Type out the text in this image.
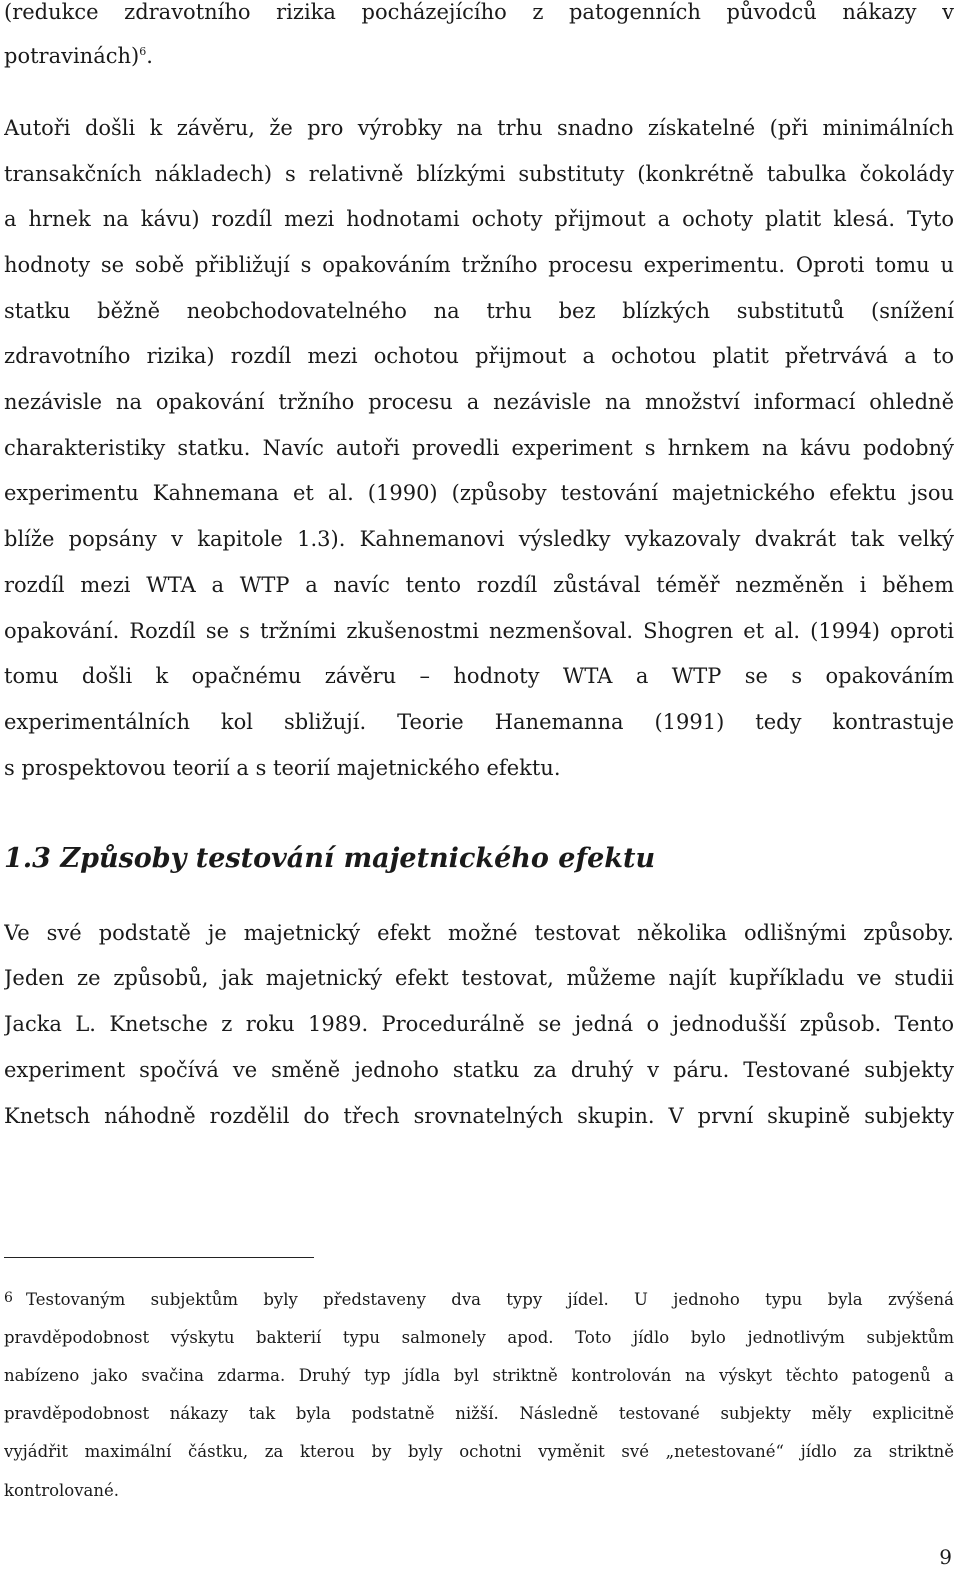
(redukce zdravotního rizika pocházejícího z patogenních původců nákazy v
potravinách)$^6$.
Autoři došli k závěru, že pro výrobky na trhu snadno získatelné (při minimálních
transakčních nákladech) s relativně blízkými substituty (konkrétně tabulka čokolády
a hrnek na kávu) rozdíl mezi hodnotami ochoty přijmout a ochoty platit klesá. Tyto
hodnoty se sobě přibližují s opakováním tržního procesu experimentu. Oproti tomu u
statku běžně neobchodovatelného na trhu bez blízkých substitutů (snížení
zdravotního rizika) rozdíl mezi ochotou přijmout a ochotou platit přetrvává a to
nezávisle na opakování tržního procesu a nezávisle na množství informací ohledně
charakteristiky statku. Navíc autoři provedli experiment s hrnkem na kávu podobný
experimentu Kahnemana et al. (1990) (způsoby testování majetnického efektu jsou
blíže popsány v kapitole 1.3). Kahnemanovi výsledky vykazovaly dvakrát tak velký
rozdíl mezi WTA a WTP a navíc tento rozdíl zůstával téměř nezměněn i během
opakování. Rozdíl se s tržními zkušenostmi nezmenšoval. Shogren et al. (1994) oproti
tomu došli k opačnému závěru – hodnoty WTA a WTP se s opakováním
experimentálních kol sbližují. Teorie Hanemanna (1991) tedy kontrastuje
s prospektovou teorií a s teorií majetnického efektu.
1.3 Způsoby testování majetnického efektu
Ve své podstatě je majetnický efekt možné testovat několika odlišnými způsoby.
Jeden ze způsobů, jak majetnický efekt testovat, můžeme najít kupříkladu ve studii
Jacka L. Knetsche z roku 1989. Procedurálně se jedná o jednodušší způsob. Tento
experiment spočívá ve směně jednoho statku za druhý v páru. Testované subjekty
Knetsch náhodně rozdělil do třech srovnatelných skupin. V první skupině subjekty
6 Testovaným subjektům byly představeny dva typy jídel. U jednoho typu byla zvýšená
pravděpodobnost výskytu bakterií typu salmonely apod. Toto jídlo bylo jednotlivým subjektům
nabízeno jako svačina zdarma. Druhý typ jídla byl striktně kontrolován na výskyt těchto patogenů a
pravděpodobnost nákazy tak byla podstatně nižší. Následně testované subjekty měly explicitně
vyjádřit maximální částku, za kterou by byly ochotni vyměnit své „netestované“ jídlo za striktně
kontrolované.
9
